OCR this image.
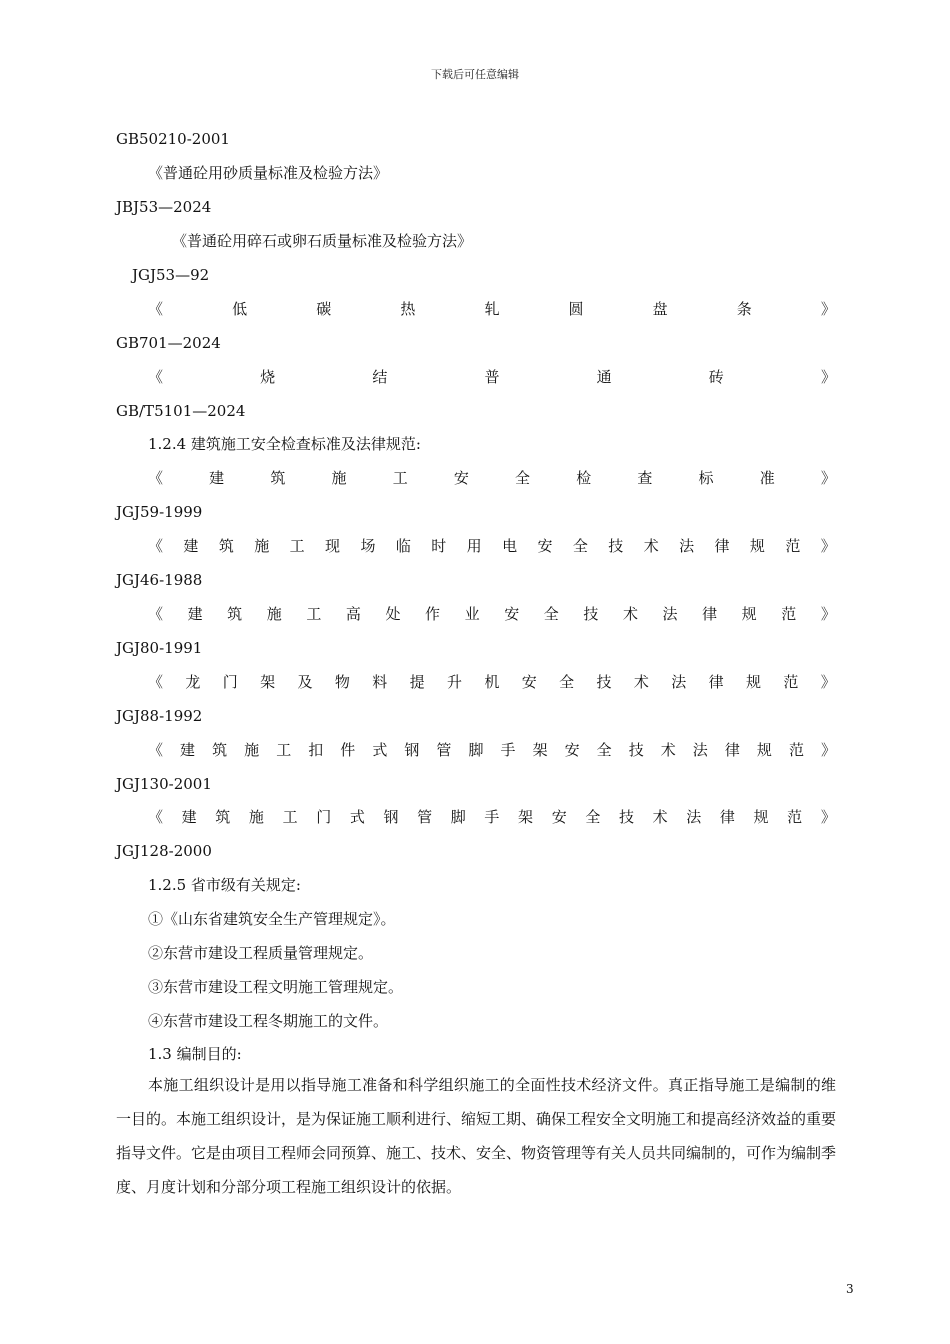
下载后可任意编辑
GB50210-2001
《普通砼用砂质量标准及检验方法》
JBJ53—2024
《普通砼用碎石或卵石质量标准及检验方法》
JGJ53—92
《	低	碳	热	轧	圆	盘	条	》
GB701—2024
《	烧	结	普	通	砖	》
GB/T5101—2024
1.2.4 建筑施工安全检查标准及法律规范:
《	建	筑	施	工	安	全	检	查	标	准	》
JGJ59-1999
《 建 筑 施 工 现 场 临 时 用 电 安 全 技 术 法 律 规 范 》
JGJ46-1988
《 建 筑 施 工 高 处 作 业 安 全 技 术 法 律 规 范 》
JGJ80-1991
《 龙 门 架 及 物 料 提 升 机 安 全 技 术 法 律 规 范 》
JGJ88-1992
《 建 筑 施 工 扣 件 式 钢 管 脚 手 架 安 全 技 术 法 律 规 范 》
JGJ130-2001
《 建 筑 施 工 门 式 钢 管 脚 手 架 安 全 技 术 法 律 规 范 》
JGJ128-2000
1.2.5 省市级有关规定:
①《山东省建筑安全生产管理规定》。
②东营市建设工程质量管理规定。
③东营市建设工程文明施工管理规定。
④东营市建设工程冬期施工的文件。
1.3 编制目的:
本施工组织设计是用以指导施工准备和科学组织施工的全面性技术经济文件。真正指导施工是编制的维一目的。本施工组织设计，是为保证施工顺利进行、缩短工期、确保工程安全文明施工和提高经济效益的重要指导文件。它是由项目工程师会同预算、施工、技术、安全、物资管理等有关人员共同编制的，可作为编制季度、月度计划和分部分项工程施工组织设计的依据。
3
